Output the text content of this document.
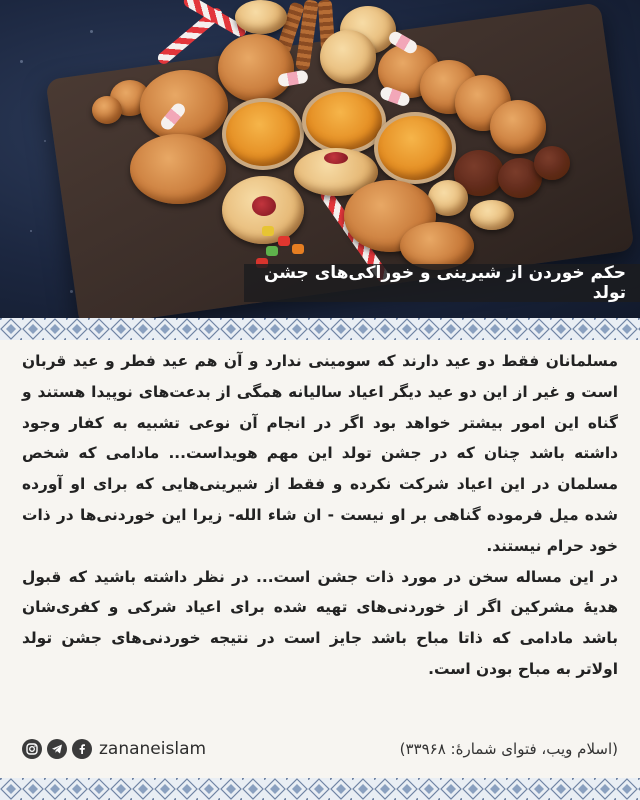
حکم خوردن از شیرینی و خوراکی‌های جشن تولد

مسلمانان فقط دو عید دارند که سومینی ندارد و آن هم عید فطر و عید قربان است و غیر از این دو عید دیگر اعیاد سالیانه همگی از بدعت‌های نوپیدا هستند و گناه این امور بیشتر خواهد بود اگر در انجام آن نوعی تشبیه به کفار وجود داشته باشد چنان که در جشن تولد این مهم هویداست... مادامی که شخص مسلمان در این اعیاد شرکت نکرده و فقط از شیرینی‌هایی که برای او آورده شده میل فرموده گناهی بر او نیست - ان شاء الله- زیرا این خوردنی‌ها در ذات خود حرام نیستند.

در این مساله سخن در مورد ذات جشن است... در نظر داشته باشید که قبول هدیهٔ مشرکین اگر از خوردنی‌های تهیه شده برای اعیاد شرکی و کفری‌شان باشد مادامی که ذاتا مباح باشد جایز است در نتیجه خوردنی‌های جشن تولد اولاتر به مباح بودن است.

zananeislam	(اسلام ویب، فتوای شمارهٔ: ۳۳۹۶۸)
